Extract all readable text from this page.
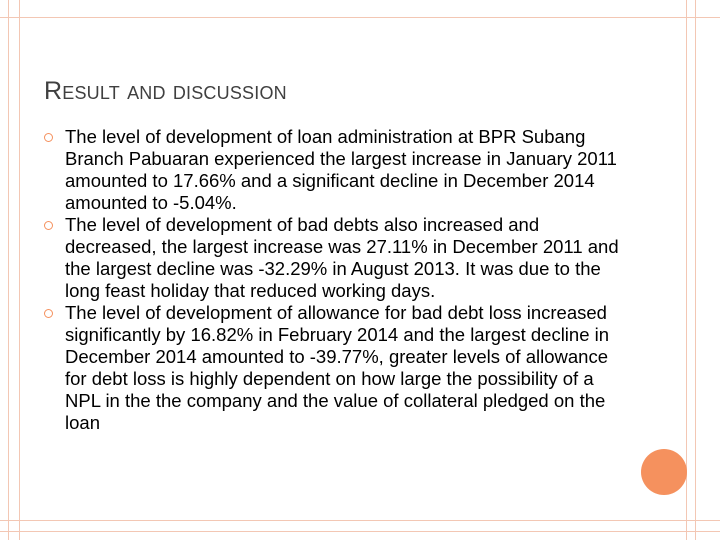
Result and discussion
The level of development of loan administration at BPR Subang Branch Pabuaran experienced the largest increase in January 2011 amounted to 17.66% and a significant decline in December 2014 amounted to -5.04%.
The level of development of bad debts also increased and decreased, the largest increase was 27.11% in December 2011 and the largest decline was -32.29% in August 2013. It was due to the long feast holiday that reduced working days.
The level of development of allowance for bad debt loss increased significantly by 16.82% in February 2014 and the largest decline in December 2014 amounted to -39.77%, greater levels of allowance for debt loss is highly dependent on how large the possibility of a NPL in the the company and the value of collateral pledged on the loan
